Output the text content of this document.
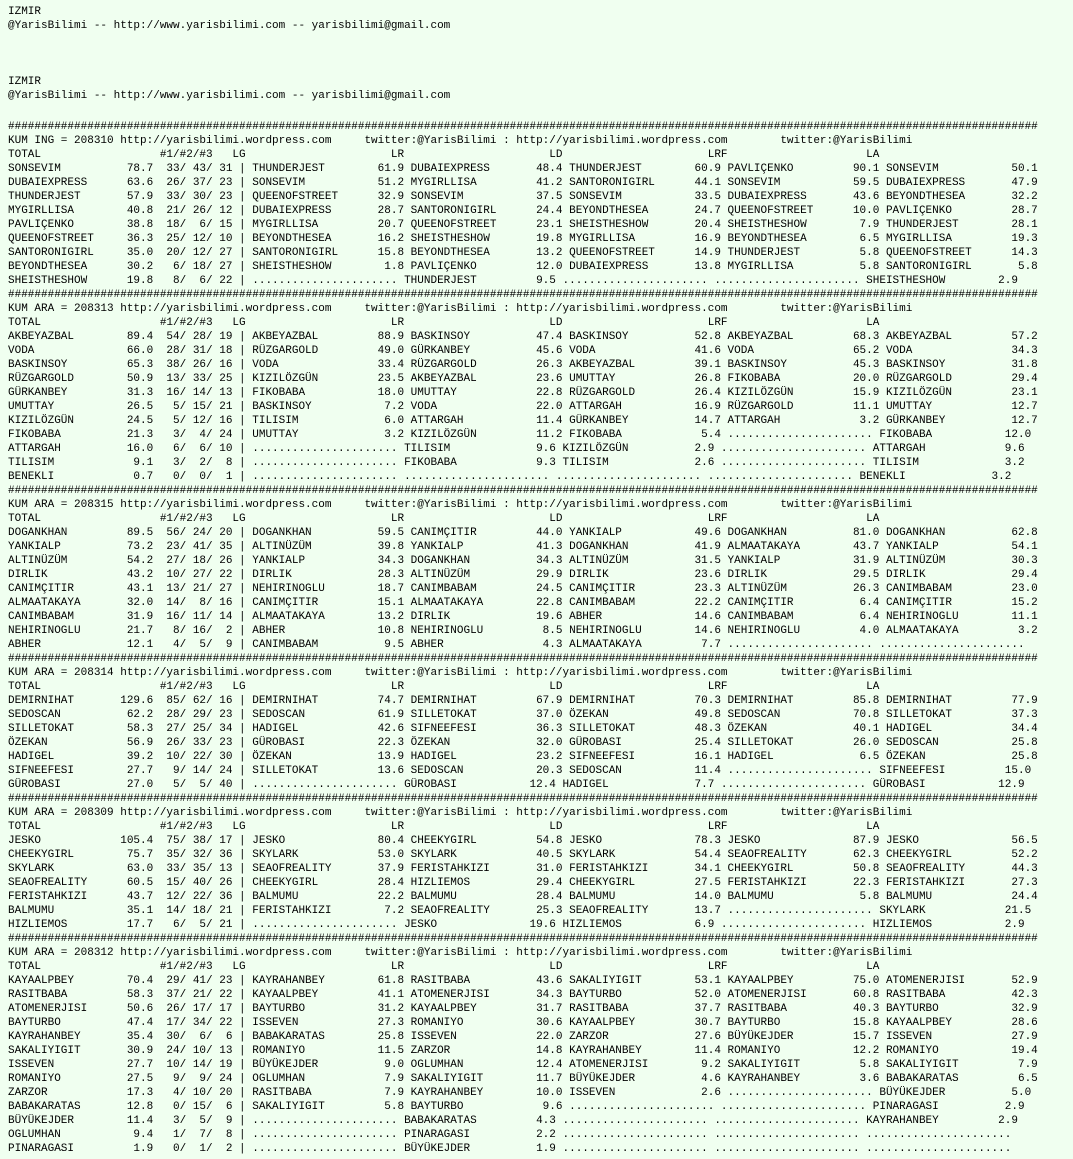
IZMIR
@YarisBilimi -- http://www.yarisbilimi.com -- yarisbilimi@gmail.com
IZMIR
@YarisBilimi -- http://www.yarisbilimi.com -- yarisbilimi@gmail.com
############################################################################################################################################################
KUM ING = 208310 http://yarisbilimi.wordpress.com     twitter:@YarisBilimi : http://yarisbilimi.wordpress.com        twitter:@YarisBilimi
TOTAL                  #1/#2/#3   LG                      LR                      LD                      LRF                     LA
SONSEVIM          78.7  33/ 43/ 31 | THUNDERJEST        61.9 DUBAIEXPRESS       48.4 THUNDERJEST        60.9 PAVLIÇENKO         90.1 SONSEVIM           50.1
DUBAIEXPRESS      63.6  26/ 37/ 23 | SONSEVIM           51.2 MYGIRLLISA         41.2 SANTORONIGIRL      44.1 SONSEVIM           59.5 DUBAIEXPRESS       47.9
THUNDERJEST       57.9  33/ 30/ 23 | QUEENOFSTREET      32.9 SONSEVIM           37.5 SONSEVIM           33.5 DUBAIEXPRESS       43.6 BEYONDTHESEA       32.2
MYGIRLLISA        40.8  21/ 26/ 12 | DUBAIEXPRESS       28.7 SANTORONIGIRL      24.4 BEYONDTHESEA       24.7 QUEENOFSTREET      10.0 PAVLIÇENKO         28.7
PAVLIÇENKO        38.8  18/  6/ 15 | MYGIRLLISA         20.7 QUEENOFSTREET      23.1 SHEISTHESHOW       20.4 SHEISTHESHOW        7.9 THUNDERJEST        28.1
QUEENOFSTREET     36.3  25/ 12/ 10 | BEYONDTHESEA       16.2 SHEISTHESHOW       19.8 MYGIRLLISA         16.9 BEYONDTHESEA        6.5 MYGIRLLISA         19.3
SANTORONIGIRL     35.0  20/ 12/ 27 | SANTORONIGIRL      15.8 BEYONDTHESEA       13.2 QUEENOFSTREET      14.9 THUNDERJEST         5.8 QUEENOFSTREET      14.3
BEYONDTHESEA      30.2   6/ 18/ 27 | SHEISTHESHOW        1.8 PAVLIÇENKO         12.0 DUBAIEXPRESS       13.8 MYGIRLLISA          5.8 SANTORONIGIRL       5.8
SHEISTHESHOW      19.8   8/  6/ 22 | ...................... THUNDERJEST         9.5 ...................... ...................... SHEISTHESHOW        2.9
############################################################################################################################################################
KUM ARA = 208313 http://yarisbilimi.wordpress.com     twitter:@YarisBilimi : http://yarisbilimi.wordpress.com        twitter:@YarisBilimi
TOTAL                  #1/#2/#3   LG                      LR                      LD                      LRF                     LA
AKBEYAZBAL        89.4  54/ 28/ 19 | AKBEYAZBAL         88.9 BASKINSOY          47.4 BASKINSOY          52.8 AKBEYAZBAL         68.3 AKBEYAZBAL         57.2
VODA              66.0  28/ 31/ 18 | RÜZGARGOLD         49.0 GÜRKANBEY          45.6 VODA               41.6 VODA               65.2 VODA               34.3
BASKINSOY         65.3  38/ 26/ 16 | VODA               33.4 RÜZGARGOLD         26.3 AKBEYAZBAL         39.1 BASKINSOY          45.3 BASKINSOY          31.8
RÜZGARGOLD        50.9  13/ 33/ 25 | KIZILÖZGÜN         23.5 AKBEYAZBAL         23.6 UMUTTAY            26.8 FIKOBABA           20.0 RÜZGARGOLD         29.4
GÜRKANBEY         31.3  16/ 14/ 13 | FIKOBABA           18.0 UMUTTAY            22.8 RÜZGARGOLD         26.4 KIZILÖZGÜN         15.9 KIZILÖZGÜN         23.1
UMUTTAY           26.5   5/ 15/ 21 | BASKINSOY           7.2 VODA               22.0 ATTARGAH           16.9 RÜZGARGOLD         11.1 UMUTTAY            12.7
KIZILÖZGÜN        24.5   5/ 12/ 16 | TILISIM             6.0 ATTARGAH           11.4 GÜRKANBEY          14.7 ATTARGAH            3.2 GÜRKANBEY          12.7
FIKOBABA          21.3   3/  4/ 24 | UMUTTAY             3.2 KIZILÖZGÜN         11.2 FIKOBABA            5.4 ...................... FIKOBABA           12.0
ATTARGAH          16.0   6/  6/ 10 | ...................... TILISIM             9.6 KIZILÖZGÜN          2.9 ...................... ATTARGAH            9.6
TILISIM            9.1   3/  2/  8 | ...................... FIKOBABA            9.3 TILISIM             2.6 ...................... TILISIM             3.2
BENEKLI            0.7   0/  0/  1 | ...................... ...................... ...................... ...................... BENEKLI             3.2
############################################################################################################################################################
KUM ARA = 208315 http://yarisbilimi.wordpress.com     twitter:@YarisBilimi : http://yarisbilimi.wordpress.com        twitter:@YarisBilimi
TOTAL                  #1/#2/#3   LG                      LR                      LD                      LRF                     LA
DOGANKHAN         89.5  56/ 24/ 20 | DOGANKHAN          59.5 CANIMÇITIR         44.0 YANKIALP           49.6 DOGANKHAN          81.0 DOGANKHAN          62.8
YANKIALP          73.2  23/ 41/ 35 | ALTINÜZÜM          39.8 YANKIALP           41.3 DOGANKHAN          41.9 ALMAATAKAYA        43.7 YANKIALP           54.1
ALTINÜZÜM         54.2  27/ 18/ 26 | YANKIALP           34.3 DOGANKHAN          34.3 ALTINÜZÜM          31.5 YANKIALP           31.9 ALTINÜZÜM          30.3
DIRLIK            43.2  10/ 27/ 22 | DIRLIK             28.3 ALTINÜZÜM          29.9 DIRLIK             23.6 DIRLIK             29.5 DIRLIK             29.4
CANIMÇITIR        43.1  13/ 21/ 27 | NEHIRINOGLU        18.7 CANIMBABAM         24.5 CANIMÇITIR         23.3 ALTINÜZÜM          26.3 CANIMBABAM         23.0
ALMAATAKAYA       32.0  14/  8/ 16 | CANIMÇITIR         15.1 ALMAATAKAYA        22.8 CANIMBABAM         22.2 CANIMÇITIR          6.4 CANIMÇITIR         15.2
CANIMBABAM        31.9  16/ 11/ 14 | ALMAATAKAYA        13.2 DIRLIK             19.6 ABHER              14.6 CANIMBABAM          6.4 NEHIRINOGLU        11.1
NEHIRINOGLU       21.7   8/ 16/  2 | ABHER              10.8 NEHIRINOGLU         8.5 NEHIRINOGLU        14.6 NEHIRINOGLU         4.0 ALMAATAKAYA         3.2
ABHER             12.1   4/  5/  9 | CANIMBABAM          9.5 ABHER               4.3 ALMAATAKAYA         7.7 ...................... ......................
############################################################################################################################################################
KUM ARA = 208314 http://yarisbilimi.wordpress.com     twitter:@YarisBilimi : http://yarisbilimi.wordpress.com        twitter:@YarisBilimi
TOTAL                  #1/#2/#3   LG                      LR                      LD                      LRF                     LA
DEMIRNIHAT       129.6  85/ 62/ 16 | DEMIRNIHAT         74.7 DEMIRNIHAT         67.9 DEMIRNIHAT         70.3 DEMIRNIHAT         85.8 DEMIRNIHAT         77.9
SEDOSCAN          62.2  28/ 29/ 23 | SEDOSCAN           61.9 SILLETOKAT         37.0 ÖZEKAN             49.8 SEDOSCAN           70.8 SILLETOKAT         37.3
SILLETOKAT        58.3  27/ 25/ 34 | HADIGEL            42.6 SIFNEEFESI         36.3 SILLETOKAT         48.3 ÖZEKAN             40.1 HADIGEL            34.4
ÖZEKAN            56.9  26/ 33/ 23 | GÜROBASI           22.3 ÖZEKAN             32.0 GÜROBASI           25.4 SILLETOKAT         26.0 SEDOSCAN           25.8
HADIGEL           39.2  10/ 22/ 30 | ÖZEKAN             13.9 HADIGEL            23.2 SIFNEEFESI         16.1 HADIGEL             6.5 ÖZEKAN             25.8
SIFNEEFESI        27.7   9/ 14/ 24 | SILLETOKAT         13.6 SEDOSCAN           20.3 SEDOSCAN           11.4 ...................... SIFNEEFESI         15.0
GÜROBASI          27.0   5/  5/ 40 | ...................... GÜROBASI           12.4 HADIGEL             7.7 ...................... GÜROBASI           12.9
############################################################################################################################################################
KUM ARA = 208309 http://yarisbilimi.wordpress.com     twitter:@YarisBilimi : http://yarisbilimi.wordpress.com        twitter:@YarisBilimi
TOTAL                  #1/#2/#3   LG                      LR                      LD                      LRF                     LA
JESKO            105.4  75/ 38/ 17 | JESKO              80.4 CHEEKYGIRL         54.8 JESKO              78.3 JESKO              87.9 JESKO              56.5
CHEEKYGIRL        75.7  35/ 32/ 36 | SKYLARK            53.0 SKYLARK            40.5 SKYLARK            54.4 SEAOFREALITY       62.3 CHEEKYGIRL         52.2
SKYLARK           63.0  33/ 35/ 13 | SEAOFREALITY       37.9 FERISTAHKIZI       31.0 FERISTAHKIZI       34.1 CHEEKYGIRL         50.8 SEAOFREALITY       44.3
SEAOFREALITY      60.5  15/ 40/ 26 | CHEEKYGIRL         28.4 HIZLIEMOS          29.4 CHEEKYGIRL         27.5 FERISTAHKIZI       22.3 FERISTAHKIZI       27.3
FERISTAHKIZI      43.7  12/ 22/ 36 | BALMUMU            22.2 BALMUMU            28.4 BALMUMU            14.0 BALMUMU             5.8 BALMUMU            24.4
BALMUMU           35.1  14/ 18/ 21 | FERISTAHKIZI        7.2 SEAOFREALITY       25.3 SEAOFREALITY       13.7 ...................... SKYLARK            21.5
HIZLIEMOS         17.7   6/  5/ 21 | ...................... JESKO              19.6 HIZLIEMOS           6.9 ...................... HIZLIEMOS           2.9
############################################################################################################################################################
KUM ARA = 208312 http://yarisbilimi.wordpress.com     twitter:@YarisBilimi : http://yarisbilimi.wordpress.com        twitter:@YarisBilimi
TOTAL                  #1/#2/#3   LG                      LR                      LD                      LRF                     LA
KAYAALPBEY        70.4  29/ 41/ 23 | KAYRAHANBEY        61.8 RASITBABA          43.6 SAKALIYIGIT        53.1 KAYAALPBEY         75.0 ATOMENERJISI       52.9
RASITBABA         58.3  37/ 21/ 22 | KAYAALPBEY         41.1 ATOMENERJISI       34.3 BAYTURBO           52.0 ATOMENERJISI       60.8 RASITBABA          42.3
ATOMENERJISI      50.6  26/ 17/ 17 | BAYTURBO           31.2 KAYAALPBEY         31.7 RASITBABA          37.7 RASITBABA          40.3 BAYTURBO           32.9
BAYTURBO          47.4  17/ 34/ 22 | ISSEVEN            27.3 ROMANIYO           30.6 KAYAALPBEY         30.7 BAYTURBO           15.8 KAYAALPBEY         28.6
KAYRAHANBEY       35.4  30/  6/  6 | BABAKARATAS        25.8 ISSEVEN            22.0 ZARZOR             27.6 BÜYÜKEJDER         15.7 ISSEVEN            27.9
SAKALIYIGIT       30.9  24/ 10/ 13 | ROMANIYO           11.5 ZARZOR             14.8 KAYRAHANBEY        11.4 ROMANIYO           12.2 ROMANIYO           19.4
ISSEVEN           27.7  10/ 14/ 19 | BÜYÜKEJDER          9.0 OGLUMHAN           12.4 ATOMENERJISI        9.2 SAKALIYIGIT         5.8 SAKALIYIGIT         7.9
ROMANIYO          27.5   9/  9/ 24 | OGLUMHAN            7.9 SAKALIYIGIT        11.7 BÜYÜKEJDER          4.6 KAYRAHANBEY         3.6 BABAKARATAS         6.5
ZARZOR            17.3   4/ 10/ 20 | RASITBABA           7.9 KAYRAHANBEY        10.0 ISSEVEN             2.6 ...................... BÜYÜKEJDER          5.0
BABAKARATAS       12.8   0/ 15/  6 | SAKALIYIGIT         5.8 BAYTURBO            9.6 ...................... ...................... PINARAGASI          2.9
BÜYÜKEJDER        11.4   3/  5/  9 | ...................... BABAKARATAS         4.3 ...................... ...................... KAYRAHANBEY         2.9
OGLUMHAN           9.4   1/  7/  8 | ...................... PINARAGASI          2.2 ...................... ...................... ......................
PINARAGASI         1.9   0/  1/  2 | ...................... BÜYÜKEJDER          1.9 ...................... ...................... ......................
